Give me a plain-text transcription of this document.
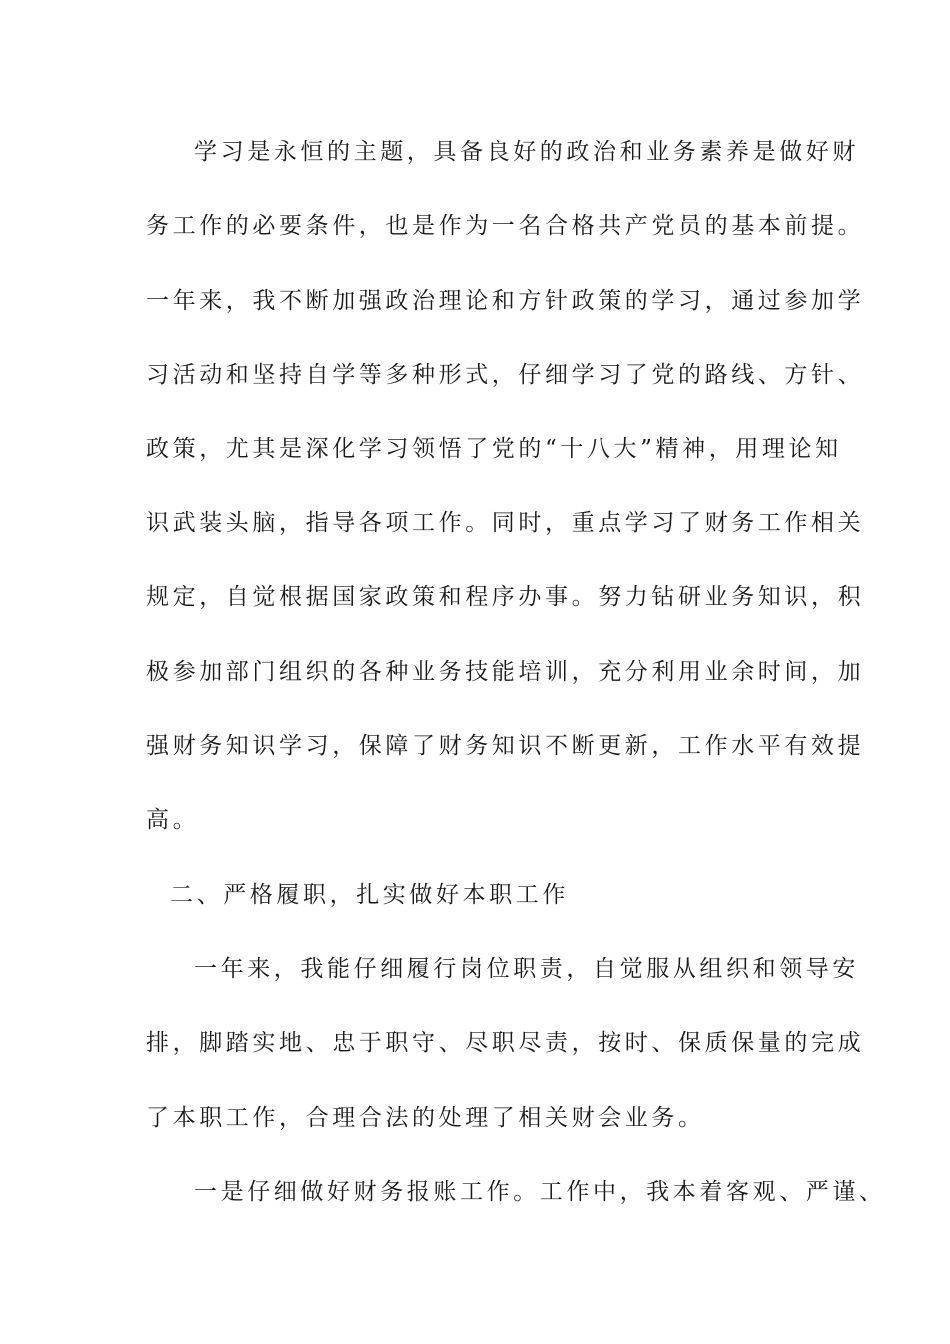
学习是永恒的主题，具备良好的政治和业务素养是做好财
务工作的必要条件，也是作为一名合格共产党员的基本前提。
一年来，我不断加强政治理论和方针政策的学习，通过参加学
习活动和坚持自学等多种形式，仔细学习了党的路线、方针、
政策，尤其是深化学习领悟了党的“十八大”精神，用理论知
识武装头脑，指导各项工作。同时，重点学习了财务工作相关
规定，自觉根据国家政策和程序办事。努力钻研业务知识，积
极参加部门组织的各种业务技能培训，充分利用业余时间，加
强财务知识学习，保障了财务知识不断更新，工作水平有效提
高。
二、严格履职，扎实做好本职工作
一年来，我能仔细履行岗位职责，自觉服从组织和领导安
排，脚踏实地、忠于职守、尽职尽责，按时、保质保量的完成
了本职工作，合理合法的处理了相关财会业务。
一是仔细做好财务报账工作。工作中，我本着客观、严谨、
